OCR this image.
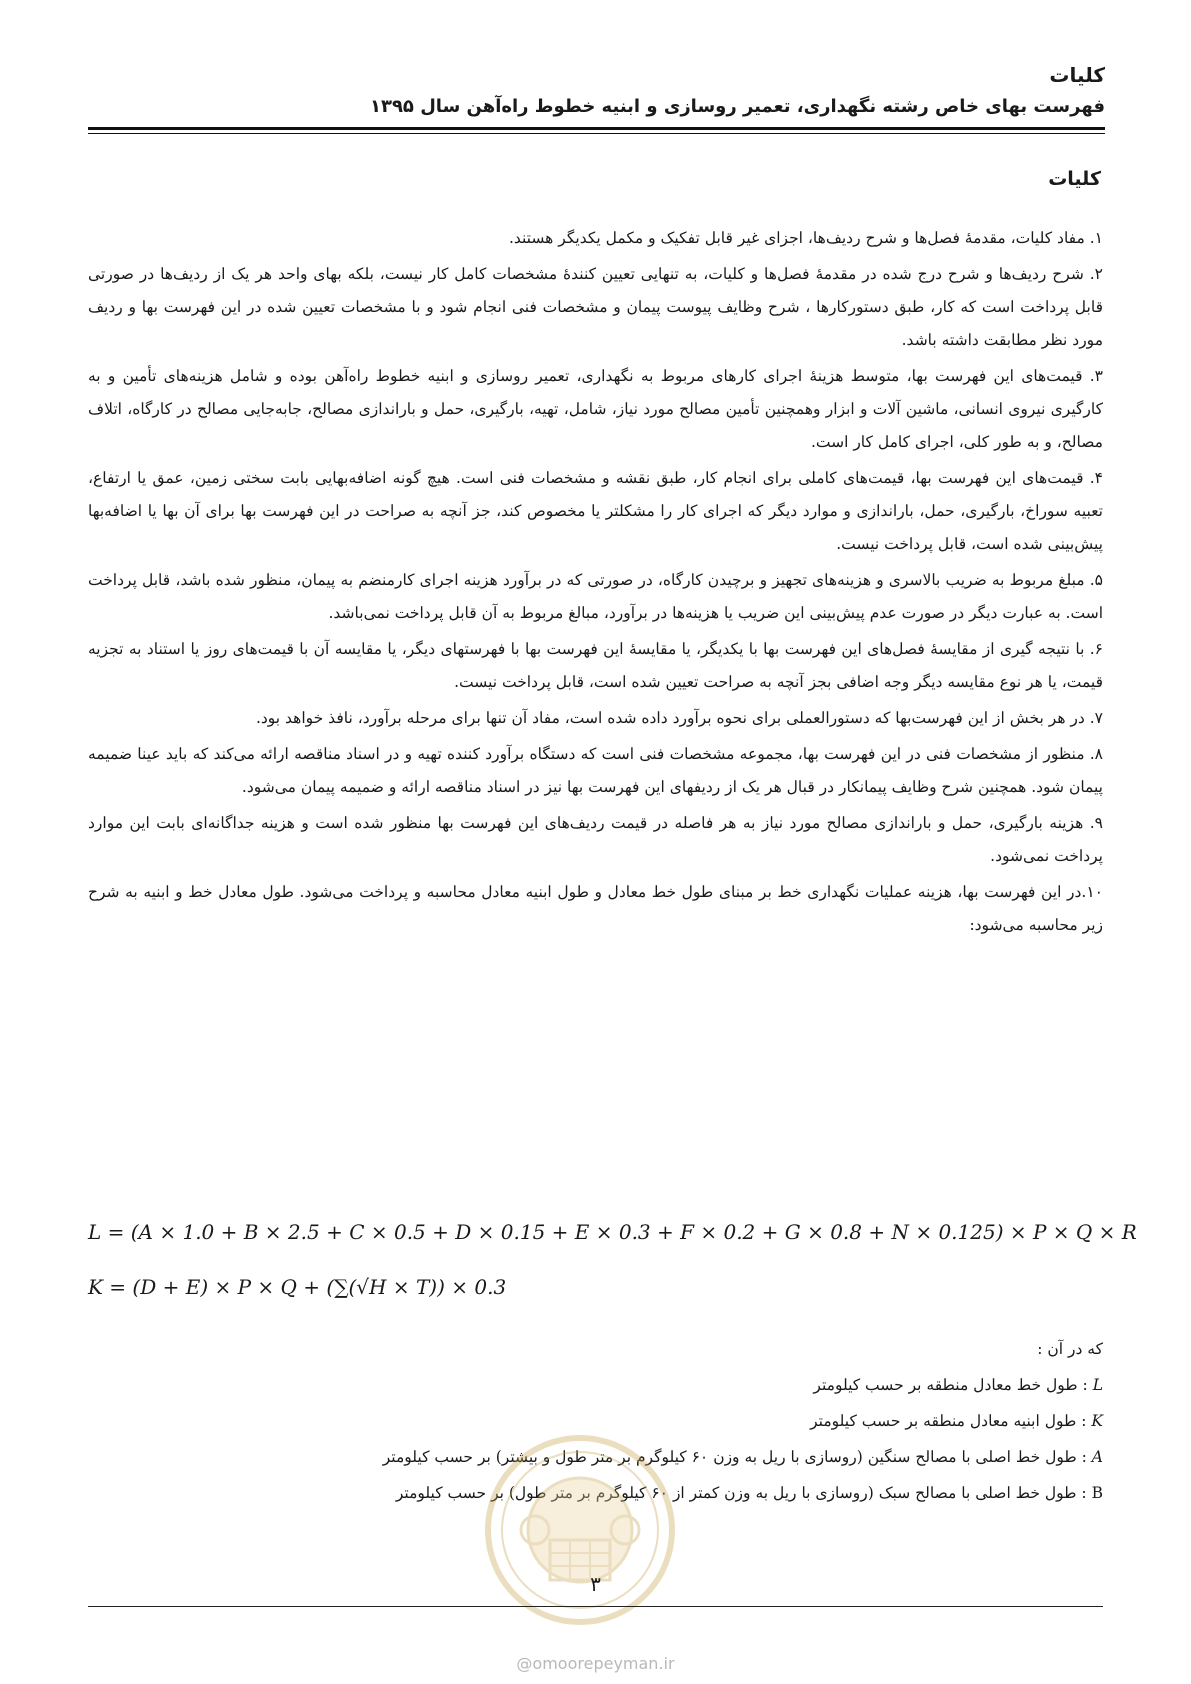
کلیات
فهرست بهای خاص رشته نگهداری، تعمیر روسازی و ابنیه خطوط راه‌آهن سال ۱۳۹۵
کلیات

۱. مفاد کلیات، مقدمهٔ فصل‌ها و شرح ردیف‌ها، اجزای غیر قابل تفکیک و مکمل یکدیگر هستند.

۲. شرح ردیف‌ها و شرح درج شده در مقدمهٔ فصل‌ها و کلیات، به تنهایی تعیین کنندهٔ مشخصات کامل کار نیست، بلکه بهای واحد هر یک از ردیف‌ها در صورتی قابل پرداخت است که کار، طبق دستورکارها ، شرح وظایف پیوست پیمان و مشخصات فنی انجام شود و با مشخصات تعیین شده در این فهرست بها و ردیف مورد نظر مطابقت داشته باشد.

۳. قیمت‌های این فهرست بها، متوسط هزینهٔ اجرای کارهای مربوط به نگهداری، تعمیر روسازی و ابنیه خطوط راه‌آهن بوده و شامل هزینه‌های تأمین و به کارگیری نیروی انسانی، ماشین آلات و ابزار وهمچنین تأمین مصالح مورد نیاز، شامل، تهیه، بارگیری، حمل و باراندازی مصالح، جابه‌جایی مصالح در کارگاه، اتلاف مصالح، و به طور کلی، اجرای کامل کار است.

۴. قیمت‌های این فهرست بها، قیمت‌های کاملی برای انجام کار، طبق نقشه و مشخصات فنی است. هیچ گونه اضافه‌بهایی بابت سختی زمین، عمق یا ارتفاع، تعبیه سوراخ، بارگیری، حمل، باراندازی و موارد دیگر که اجرای کار را مشکلتر یا مخصوص کند، جز آنچه به صراحت در این فهرست بها برای آن بها یا اضافه‌بها پیش‌بینی شده است، قابل پرداخت نیست.

۵. مبلغ مربوط به ضریب بالاسری و هزینه‌های تجهیز و برچیدن کارگاه، در صورتی که در برآورد هزینه اجرای کارمنضم به پیمان، منظور شده باشد، قابل پرداخت است. به عبارت دیگر در صورت عدم پیش‌بینی این ضریب یا هزینه‌ها در برآورد، مبالغ مربوط به آن قابل پرداخت نمی‌باشد.

۶. با نتیجه گیری از مقایسهٔ فصل‌های این فهرست بها با یکدیگر، یا مقایسهٔ این فهرست بها با فهرستهای دیگر، یا مقایسه آن با قیمت‌های روز یا استناد به تجزیه قیمت، یا هر نوع مقایسه دیگر وجه اضافی بجز آنچه به صراحت تعیین شده است، قابل پرداخت نیست.

۷. در هر بخش از این فهرست‌بها که دستورالعملی برای نحوه برآورد داده شده است، مفاد آن تنها برای مرحله برآورد، نافذ خواهد بود.

۸. منظور از مشخصات فنی در این فهرست بها، مجموعه مشخصات فنی است که دستگاه برآورد کننده تهیه و در اسناد مناقصه ارائه می‌کند که باید عینا ضمیمه پیمان شود. همچنین شرح وظایف پیمانکار در قبال هر یک از ردیفهای این فهرست بها نیز در اسناد مناقصه ارائه و ضمیمه پیمان می‌شود.

۹. هزینه بارگیری، حمل و باراندازی مصالح مورد نیاز به هر فاصله در قیمت ردیف‌های این فهرست بها منظور شده است و هزینه جداگانه‌ای بابت این موارد پرداخت نمی‌شود.

۱۰.در این فهرست بها، هزینه عملیات نگهداری خط بر مبنای طول خط معادل و طول ابنیه معادل محاسبه و پرداخت می‌شود. طول معادل خط و ابنیه به شرح زیر محاسبه می‌شود:

L = (A × 1.0 + B × 2.5 + C × 0.5 + D × 0.15 + E × 0.3 + F × 0.2 + G × 0.8 + N × 0.125) × P × Q × R
K = (D + E) × P × Q + (∑(√H × T)) × 0.3
که در آن :
L : طول خط معادل منطقه بر حسب کیلومتر
K : طول ابنیه معادل منطقه بر حسب کیلومتر
A : طول خط اصلی با مصالح سنگین (روسازی با ریل به وزن ۶۰ کیلوگرم بر متر طول و بیشتر) بر حسب کیلومتر
B : طول خط اصلی با مصالح سبک (روسازی با ریل به وزن کمتر از ۶۰ کیلوگرم بر متر طول) بر حسب کیلومتر
۳
@omoorepeyman.ir
